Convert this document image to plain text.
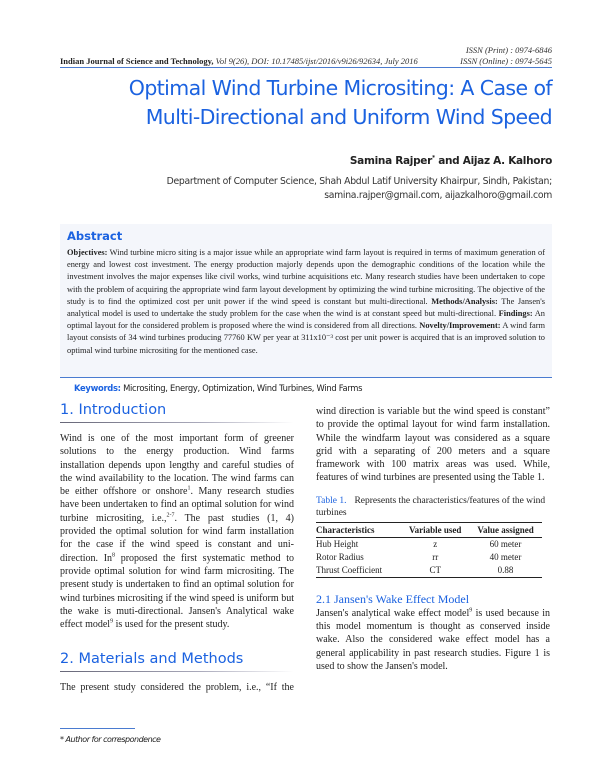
ISSN (Print) : 0974-6846
ISSN (Online) : 0974-5645
Indian Journal of Science and Technology, Vol 9(26), DOI: 10.17485/ijst/2016/v9i26/92634, July 2016
Optimal Wind Turbine Micrositing: A Case of
Multi-Directional and Uniform Wind Speed
Samina Rajper* and Aijaz A. Kalhoro
Department of Computer Science, Shah Abdul Latif University Khairpur, Sindh, Pakistan;
samina.rajper@gmail.com, aijazkalhoro@gmail.com
Abstract

Objectives: Wind turbine micro siting is a major issue while an appropriate wind farm layout is required in terms of maximum generation of energy and lowest cost investment. The energy production majorly depends upon the demographic conditions of the location while the investment involves the major expenses like civil works, wind turbine acquisitions etc. Many research studies have been undertaken to cope with the problem of acquiring the appropriate wind farm layout development by optimizing the wind turbine micrositing. The objective of the study is to find the optimized cost per unit power if the wind speed is constant but multi-directional. Methods/Analysis: The Jansen's analytical model is used to undertake the study problem for the case when the wind is at constant speed but multi-directional. Findings: An optimal layout for the considered problem is proposed where the wind is considered from all directions. Novelty/Improvement: A wind farm layout consists of 34 wind turbines producing 77760 KW per year at 311x10⁻³ cost per unit power is acquired that is an improved solution to optimal wind turbine micrositing for the mentioned case.

Keywords: Micrositing, Energy, Optimization, Wind Turbines, Wind Farms
1. Introduction

Wind is one of the most important form of greener solutions to the energy production. Wind farms installation depends upon lengthy and careful studies of the wind availability to the location. The wind farms can be either offshore or onshore$^1$. Many research studies have been undertaken to find an optimal solution for wind turbine micrositing, i.e.,$^{2-7}$. The past studies (1, 4) provided the optimal solution for wind farm installation for the case if the wind speed is constant and uni- direction. In$^8$ proposed the first systematic method to provide optimal solution for wind farm micrositing. The present study is undertaken to find an optimal solution for wind turbines micrositing if the wind speed is uniform but the wake is muti-directional. Jansen's Analytical wake effect model$^9$ is used for the present study.

2. Materials and Methods

The present study considered the problem, i.e., “If the

wind direction is variable but the wind speed is constant” to provide the optimal layout for wind farm installation. While the windfarm layout was considered as a square grid with a separating of 200 meters and a square framework with 100 matrix areas was used. While, features of wind turbines are presented using the Table 1.

Table 1. Represents the characteristics/features of the wind turbines
Characteristics	Variable used	Value assigned
Hub Height	z	60 meter
Rotor Radius	rr	40 meter
Thrust Coefficient	CT	0.88
2.1 Jansen's Wake Effect Model

Jansen's analytical wake effect model$^9$ is used because in this model momentum is thought as conserved inside wake. Also the considered wake effect model has a general applicability in past research studies. Figure 1 is used to show the Jansen's model.

* Author for correspondence
